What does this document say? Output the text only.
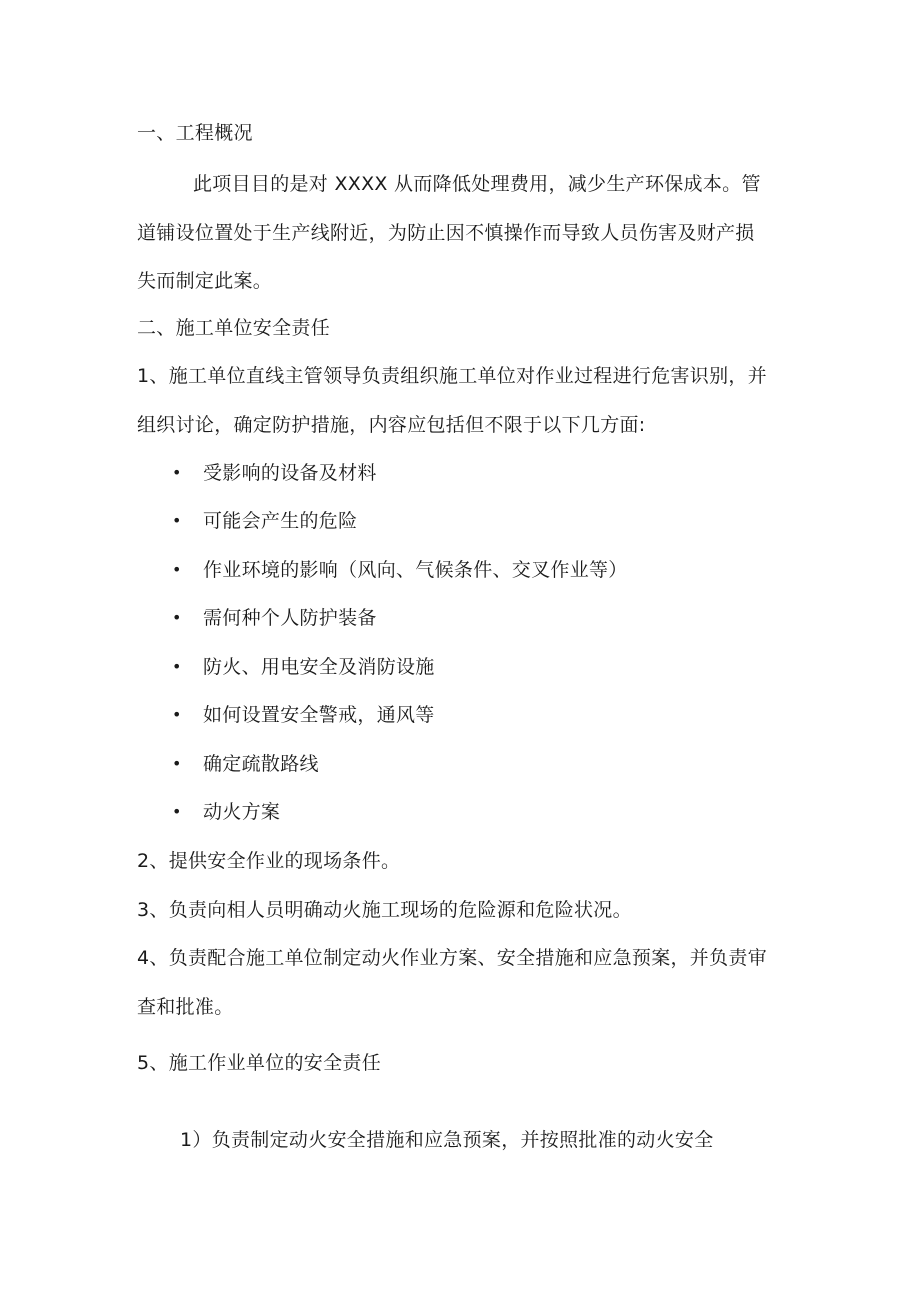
一、工程概况
此项目目的是对 XXXX 从而降低处理费用，减少生产环保成本。管
道铺设位置处于生产线附近，为防止因不慎操作而导致人员伤害及财产损
失而制定此案。
二、施工单位安全责任
1、施工单位直线主管领导负责组织施工单位对作业过程进行危害识别，并
组织讨论，确定防护措施，内容应包括但不限于以下几方面:
• 受影响的设备及材料
• 可能会产生的危险
• 作业环境的影响（风向、气候条件、交叉作业等）
• 需何种个人防护装备
• 防火、用电安全及消防设施
• 如何设置安全警戒，通风等
• 确定疏散路线
• 动火方案
2、提供安全作业的现场条件。
3、负责向相人员明确动火施工现场的危险源和危险状况。
4、负责配合施工单位制定动火作业方案、安全措施和应急预案，并负责审
查和批准。
5、施工作业单位的安全责任
1）负责制定动火安全措施和应急预案，并按照批准的动火安全
